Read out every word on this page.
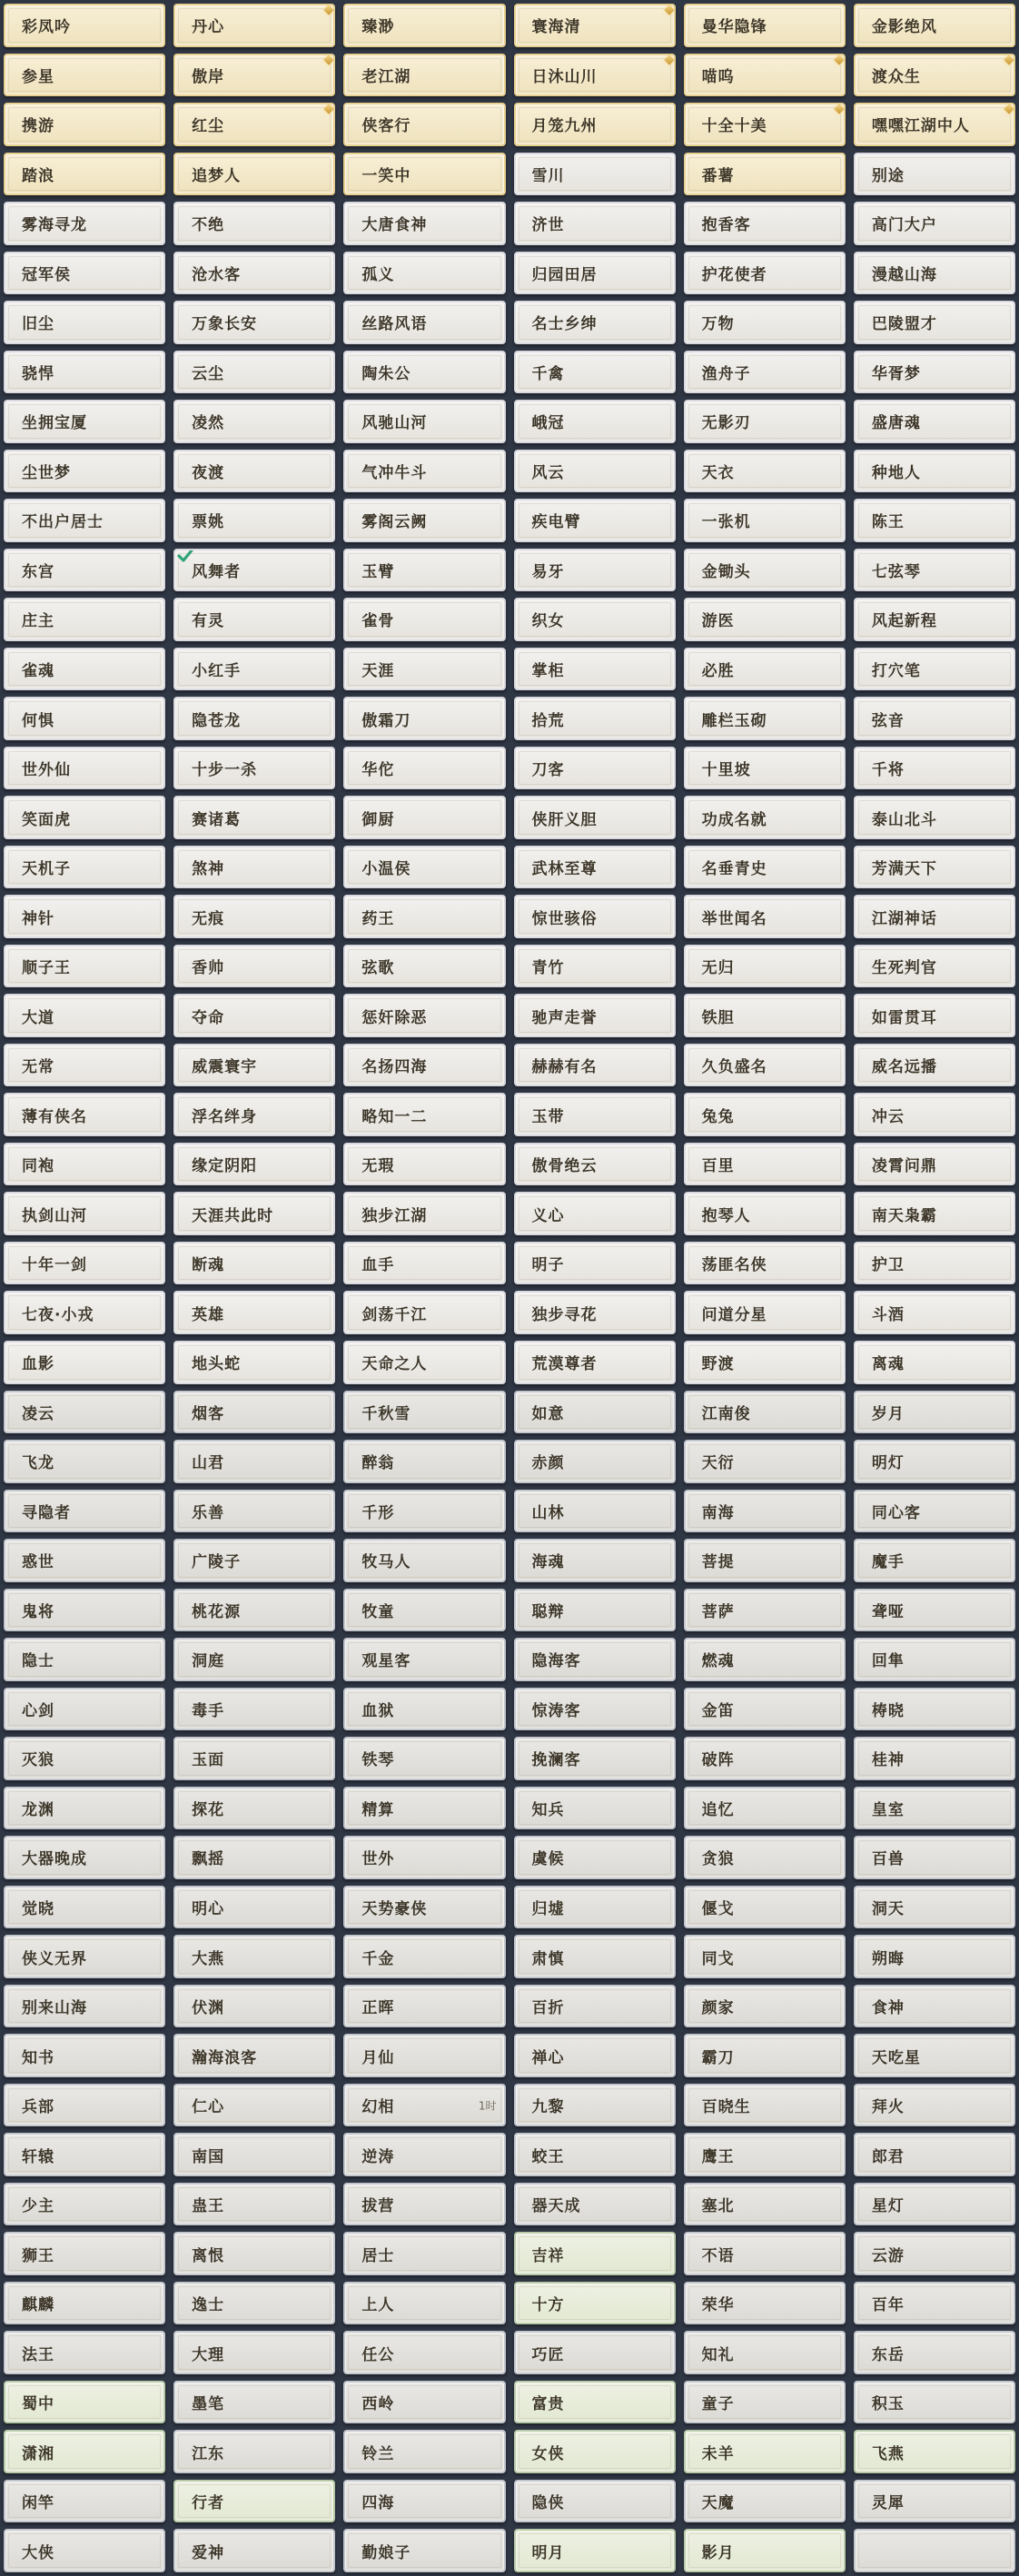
彩凤吟	丹心	臻渺	寰海清	曼华隐锋	金影绝风
参星	傲岸	老江湖	日沐山川	喵呜	渡众生
携游	红尘	侠客行	月笼九州	十全十美	嘿嘿江湖中人
踏浪	追梦人	一笑中	雪川	番薯	别途
雾海寻龙	不绝	大唐食神	济世	抱香客	高门大户
冠军侯	沧水客	孤义	归园田居	护花使者	漫越山海
旧尘	万象长安	丝路风语	名士乡绅	万物	巴陵盟才
骁悍	云尘	陶朱公	千禽	渔舟子	华胥梦
坐拥宝厦	凌然	风驰山河	峨冠	无影刃	盛唐魂
尘世梦	夜渡	气冲牛斗	风云	天衣	种地人
不出户居士	票姚	雾阁云阙	疾电臂	一张机	陈王
东宫	风舞者	玉臂	易牙	金锄头	七弦琴
庄主	有灵	雀骨	织女	游医	风起新程
雀魂	小红手	天涯	掌柜	必胜	打穴笔
何惧	隐苍龙	傲霜刀	拾荒	雕栏玉砌	弦音
世外仙	十步一杀	华佗	刀客	十里坡	千将
笑面虎	赛诸葛	御厨	侠肝义胆	功成名就	泰山北斗
天机子	煞神	小温侯	武林至尊	名垂青史	芳满天下
神针	无痕	药王	惊世骇俗	举世闻名	江湖神话
顺子王	香帅	弦歌	青竹	无归	生死判官
大道	夺命	惩奸除恶	驰声走誉	铁胆	如雷贯耳
无常	威震寰宇	名扬四海	赫赫有名	久负盛名	威名远播
薄有侠名	浮名绊身	略知一二	玉带	兔兔	冲云
同袍	缘定阴阳	无瑕	傲骨绝云	百里	凌霄问鼎
执剑山河	天涯共此时	独步江湖	义心	抱琴人	南天枭霸
十年一剑	断魂	血手	明子	荡匪名侠	护卫
七夜·小戎	英雄	剑荡千江	独步寻花	问道分星	斗酒
血影	地头蛇	天命之人	荒漠尊者	野渡	离魂
凌云	烟客	千秋雪	如意	江南俊	岁月
飞龙	山君	醉翁	赤颜	天衍	明灯
寻隐者	乐善	千形	山林	南海	同心客
惑世	广陵子	牧马人	海魂	菩提	魔手
鬼将	桃花源	牧童	聪辩	菩萨	聋哑
隐士	洞庭	观星客	隐海客	燃魂	回隼
心剑	毒手	血狱	惊涛客	金笛	梼晓
灭狼	玉面	铁琴	挽澜客	破阵	桂神
龙渊	探花	精算	知兵	追忆	皇室
大器晚成	飘摇	世外	虞候	贪狼	百兽
觉晓	明心	天势豪侠	归墟	偃戈	洞天
侠义无界	大燕	千金	肃慎	同戈	朔晦
别来山海	伏渊	正晖	百折	颜家	食神
知书	瀚海浪客	月仙	禅心	霸刀	天吃星
兵部	仁心	幻相	1时 九黎	百晓生	拜火
轩辕	南国	逆涛	蛟王	鹰王	郎君
少主	蛊王	拔营	器天成	塞北	星灯
狮王	离恨	居士	吉祥	不语	云游
麒麟	逸士	上人	十方	荣华	百年
法王	大理	任公	巧匠	知礼	东岳
蜀中	墨笔	西岭	富贵	童子	积玉
潇湘	江东	铃兰	女侠	未羊	飞燕
闲竿	行者	四海	隐侠	天魔	灵犀
大侠	爱神	勤娘子	明月	影月
